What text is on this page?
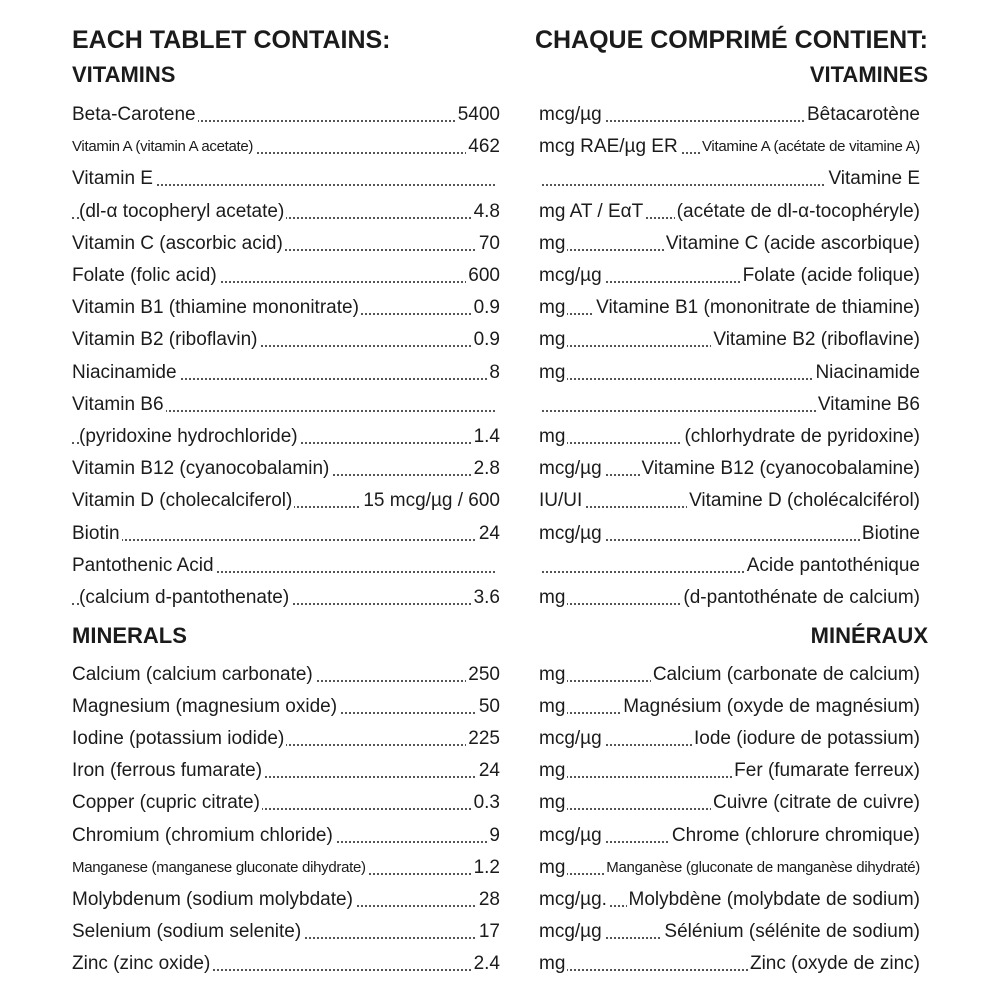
EACH TABLET CONTAINS:	CHAQUE COMPRIMÉ CONTIENT:
VITAMINS	VITAMINES
Beta-Carotene	5400 mcg/µg	Bêtacarotène
Vitamin A (vitamin A acetate)	462 mcg RAE/µg ER Vitamine A (acétate de vitamine A)
Vitamin E	Vitamine E
(dl-α tocopheryl acetate)	4.8 mg AT / EαT (acétate de dl-α-tocophéryle)
Vitamin C (ascorbic acid)	70 mg	Vitamine C (acide ascorbique)
Folate (folic acid)	600 mcg/µg	Folate (acide folique)
Vitamin B1 (thiamine mononitrate)	0.9 mg Vitamine B1 (mononitrate de thiamine)
Vitamin B2 (riboflavin)	0.9 mg	Vitamine B2 (riboflavine)
Niacinamide	8 mg	Niacinamide
Vitamin B6	Vitamine B6
(pyridoxine hydrochloride)	1.4 mg	(chlorhydrate de pyridoxine)
Vitamin B12 (cyanocobalamin)	2.8 mcg/µg Vitamine B12 (cyanocobalamine)
Vitamin D (cholecalciferol)	15 mcg/µg / 600 IU/UI	Vitamine D (cholécalciférol)
Biotin	24 mcg/µg	Biotine
Pantothenic Acid	Acide pantothénique
(calcium d-pantothenate)	3.6 mg	(d-pantothénate de calcium)
MINERALS	MINÉRAUX
Calcium (calcium carbonate)	250 mg	Calcium (carbonate de calcium)
Magnesium (magnesium oxide)	50 mg	Magnésium (oxyde de magnésium)
Iodine (potassium iodide)	225 mcg/µg	Iode (iodure de potassium)
Iron (ferrous fumarate)	24 mg	Fer (fumarate ferreux)
Copper (cupric citrate)	0.3 mg	Cuivre (citrate de cuivre)
Chromium (chromium chloride)	9 mcg/µg	Chrome (chlorure chromique)
Manganese (manganese gluconate dihydrate)	1.2 mg	Manganèse (gluconate de manganèse dihydraté)
Molybdenum (sodium molybdate)	28 mcg/µg. Molybdène (molybdate de sodium)
Selenium (sodium selenite)	17 mcg/µg	Sélénium (sélénite de sodium)
Zinc (zinc oxide)	2.4 mg	Zinc (oxyde de zinc)
